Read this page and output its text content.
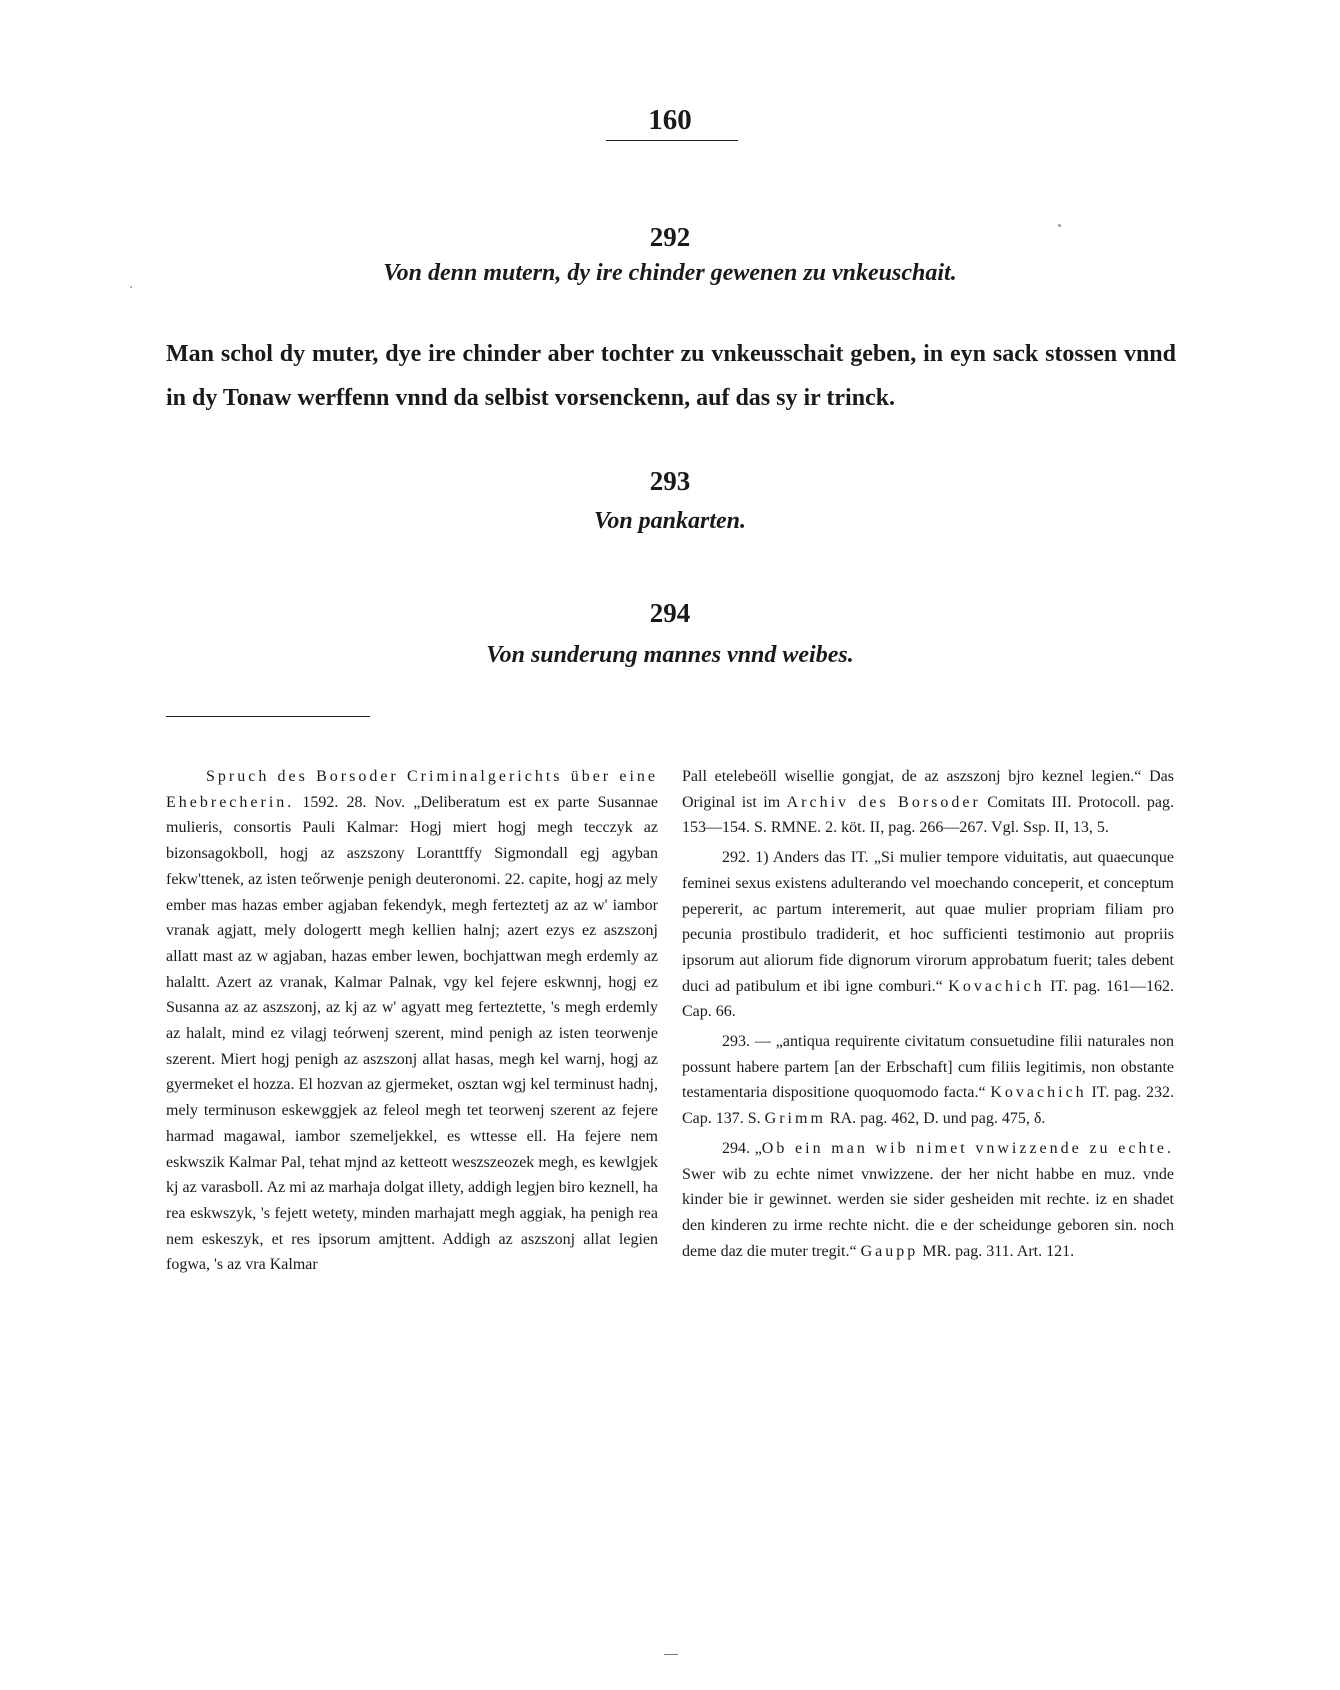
160
292
Von denn mutern, dy ire chinder gewenen zu vnkeuschait.
Man schol dy muter, dye ire chinder aber tochter zu vnkeusschait geben, in eyn sack stossen vnnd in dy Tonaw werffenn vnnd da selbist vorsenckenn, auf das sy ir trinck.
293
Von pankarten.
294
Von sunderung mannes vnnd weibes.

Spruch des Borsoder Criminalgerichts über eine Ehebrecherin. 1592. 28. Nov. „Deliberatum est ex parte Susannae mulieris, consortis Pauli Kalmar: Hogj miert hogj megh tecczyk az bizonsagokboll, hogj az aszszony Loranttffy Sigmondall egj agyban fekw'ttenek, az isten teőrwenje penigh deuteronomi. 22. capite, hogj az mely ember mas hazas ember agjaban fekendyk, megh ferteztetj az az w' iambor vranak agjatt, mely dologertt megh kellien halnj; azert ezys ez aszszonj allatt mast az w agjaban, hazas ember lewen, bochjattwan megh erdemly az halaltt. Azert az vranak, Kalmar Palnak, vgy kel fejere eskwnnj, hogj ez Susanna az az aszszonj, az kj az w' agyatt meg ferteztette, 's megh erdemly az halalt, mind ez vilagj teórwenj szerent, mind penigh az isten teorwenje szerent. Miert hogj penigh az aszszonj allat hasas, megh kel warnj, hogj az gyermeket el hozza. El hozvan az gjermeket, osztan wgj kel terminust hadnj, mely terminuson eskewggjek az feleol megh tet teorwenj szerent az fejere harmad magawal, iambor szemeljekkel, es wttesse ell. Ha fejere nem eskwszik Kalmar Pal, tehat mjnd az ketteott weszszeozek megh, es kewlgjek kj az varasboll. Az mi az marhaja dolgat illety, addigh legjen biro keznell, ha rea eskwszyk, 's fejett wetety, minden marhajatt megh aggiak, ha penigh rea nem eskeszyk, et res ipsorum amjttent. Addigh az aszszonj allat legien fogwa, 's az vra Kalmar

Pall etelebeöll wisellie gongjat, de az aszszonj bjro keznel legien.“ Das Original ist im Archiv des Borsoder Comitats III. Protocoll. pag. 153—154. S. RMNE. 2. köt. II, pag. 266—267. Vgl. Ssp. II, 13, 5.

292. 1) Anders das IT. „Si mulier tempore viduitatis, aut quaecunque feminei sexus existens adulterando vel moechando conceperit, et conceptum pepererit, ac partum interemerit, aut quae mulier propriam filiam pro pecunia prostibulo tradiderit, et hoc sufficienti testimonio aut propriis ipsorum aut aliorum fide dignorum virorum approbatum fuerit; tales debent duci ad patibulum et ibi igne comburi.“ Kovachich IT. pag. 161—162. Cap. 66.

293. — „antiqua requirente civitatum consuetudine filii naturales non possunt habere partem [an der Erbschaft] cum filiis legitimis, non obstante testamentaria dispositione quoquomodo facta.“ Kovachich IT. pag. 232. Cap. 137. S. Grimm RA. pag. 462, D. und pag. 475, δ.

294. „Ob ein man wib nimet vnwizzende zu echte. Swer wib zu echte nimet vnwizzene. der her nicht habbe en muz. vnde kinder bie ir gewinnet. werden sie sider gesheiden mit rechte. iz en shadet den kinderen zu irme rechte nicht. die e der scheidunge geboren sin. noch deme daz die muter tregit.“ Gaupp MR. pag. 311. Art. 121.
